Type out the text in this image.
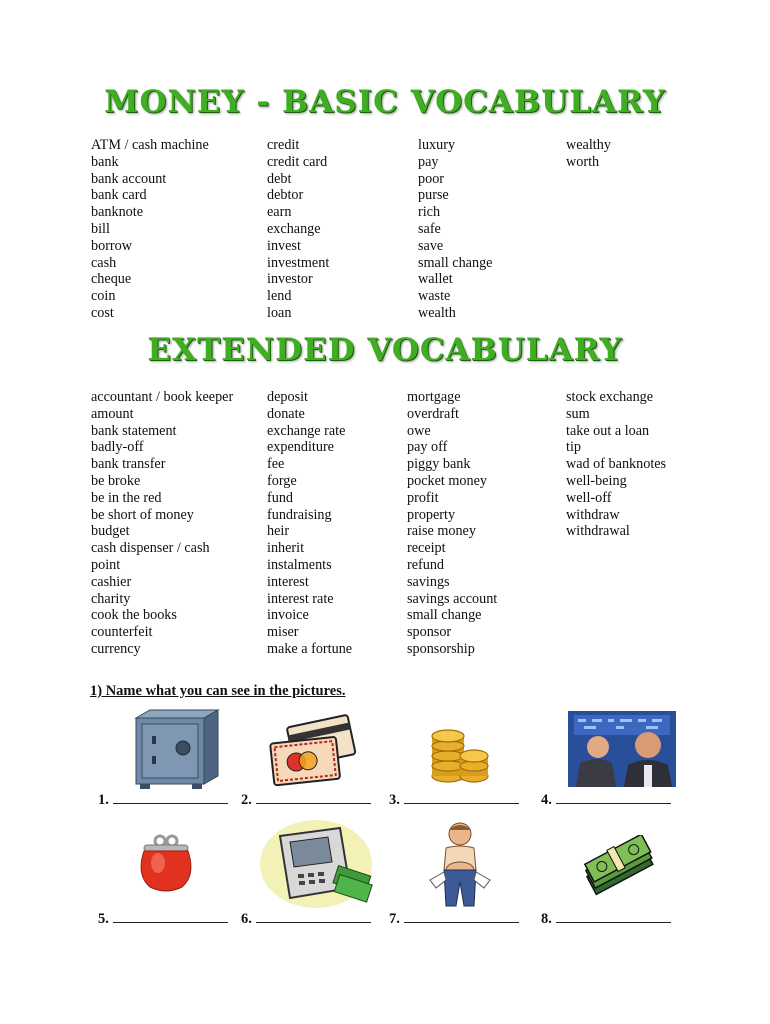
MONEY - BASIC VOCABULARY
ATM / cash machine
bank
bank account
bank card
banknote
bill
borrow
cash
cheque
coin
cost
credit
credit card
debt
debtor
earn
exchange
invest
investment
investor
lend
loan
luxury
pay
poor
purse
rich
safe
save
small change
wallet
waste
wealth
wealthy
worth
EXTENDED VOCABULARY
accountant / book keeper
amount
bank statement
badly-off
bank transfer
be broke
be in the red
be short of money
budget
cash dispenser / cash
point
cashier
charity
cook the books
counterfeit
currency
deposit
donate
exchange rate
expenditure
fee
forge
fund
fundraising
heir
inherit
instalments
interest
interest rate
invoice
miser
make a fortune
mortgage
overdraft
owe
pay off
piggy bank
pocket money
profit
property
raise money
receipt
refund
savings
savings account
small change
sponsor
sponsorship
stock exchange
sum
take out a loan
tip
wad of banknotes
well-being
well-off
withdraw
withdrawal
1) Name what you can see in the pictures.
1.	2.	3.	4.
5.	6.	7.	8.
